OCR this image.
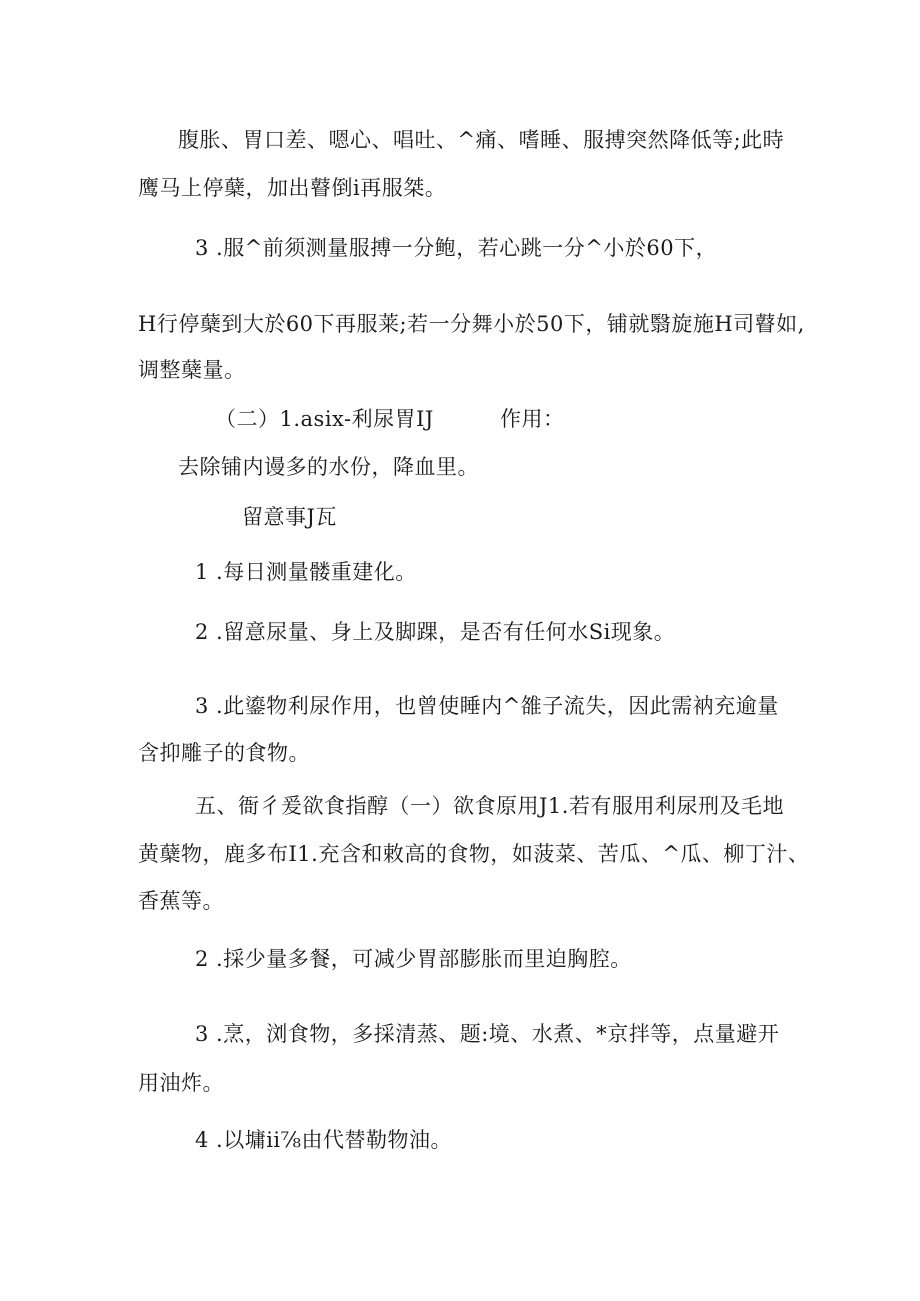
腹胀、胃口差、嗯心、唱吐、^痛、嗜睡、服搏突然降低等;此時
鹰马上停蘖，加出瞽倒i再服桀。
3 .服^前须测量服搏一分鲍，若心跳一分^小於60下，
H行停蘖到大於60下再服莱;若一分舞小於50下，铺就翳旋施H司瞽如,
调整蘖量。
（二）1.asix-利尿胃IJ	作用：
去除铺内谩多的水份，降血里。
留意事J瓦
1 .每日测量髅重建化。
2 .留意尿量、身上及脚踝，是否有任何水Si现象。
3 .此鎏物利尿作用，也曾使睡内^雒子流失，因此需衲充逾量
含抑雕子的食物。
五、衙彳爰欲食指醇（一）欲食原用J1.若有服用利尿刑及毛地
黄蘖物，鹿多布I1.充含和敕高的食物，如菠菜、苦瓜、^瓜、柳丁汁、
香蕉等。
2 .採少量多餐，可减少胃部膨胀而里迫胸腔。
3 .烹，浏食物，多採清蒸、题:境、水煮、*京拌等，点量避开
用油炸。
4 .以墉ii⅞由代替勒物油。
